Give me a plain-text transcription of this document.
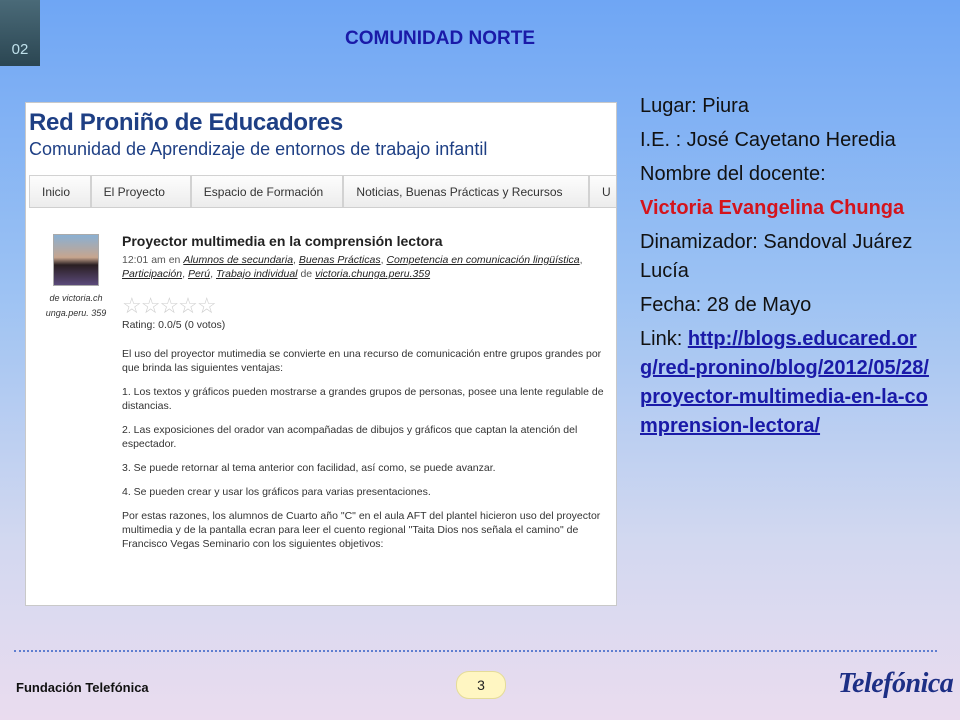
02
COMUNIDAD NORTE
Red Proniño de Educadores
Comunidad de Aprendizaje de entornos de trabajo infantil
Inicio	El Proyecto	Espacio de Formación	Noticias, Buenas Prácticas y Recursos	U
de victoria.ch unga.peru. 359
Proyector multimedia en la comprensión lectora
12:01 am en Alumnos de secundaria, Buenas Prácticas, Competencia en comunicación lingüística, Participación, Perú, Trabajo individual de victoria.chunga.peru.359
☆☆☆☆☆
Rating: 0.0/5 (0 votos)

El uso del proyector mutimedia se convierte en una recurso de comunicación entre grupos grandes por que brinda las siguientes ventajas:

1. Los textos y gráficos pueden mostrarse a grandes grupos de personas, posee una lente regulable de distancias.

2. Las exposiciones del orador van acompañadas de dibujos y gráficos que captan la atención del espectador.

3. Se puede retornar al tema anterior con facilidad, así como, se puede avanzar.

4. Se pueden crear y usar los gráficos para varias presentaciones.

Por estas razones, los alumnos de Cuarto año "C" en el aula AFT del plantel hicieron uso del proyector multimedia y de la pantalla ecran para leer el cuento regional "Taita Dios nos señala el camino" de Francisco Vegas Seminario con los siguientes objetivos:

Lugar: Piura

I.E. : José Cayetano Heredia

Nombre del docente:

Victoria Evangelina Chunga

Dinamizador: Sandoval Juárez Lucía

Fecha: 28 de Mayo

Link: http://blogs.educared.org/red-pronino/blog/2012/05/28/proyector-multimedia-en-la-comprension-lectora/

Fundación Telefónica	3	Telefónica
